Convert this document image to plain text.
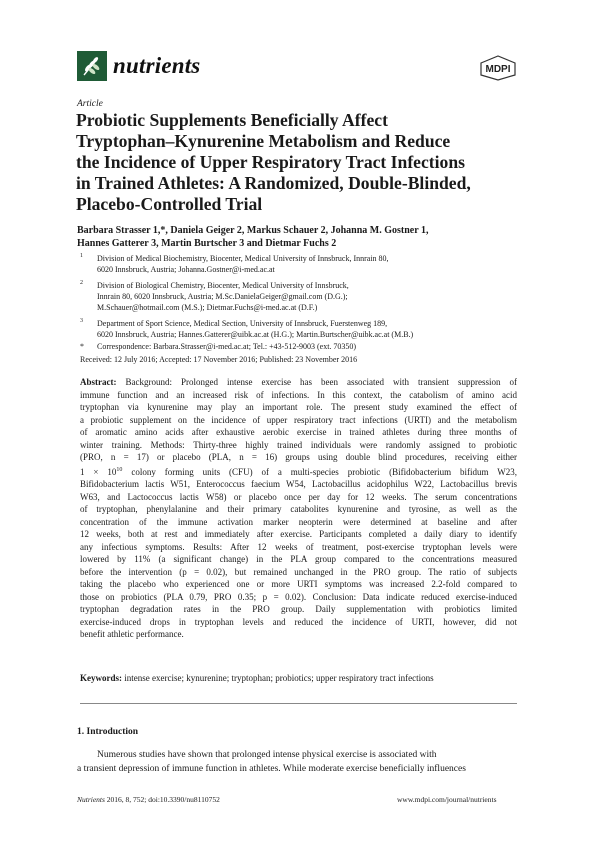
nutrients	MDPI
Article
Probiotic Supplements Beneficially Affect
Tryptophan–Kynurenine Metabolism and Reduce
the Incidence of Upper Respiratory Tract Infections
in Trained Athletes: A Randomized, Double-Blinded,
Placebo-Controlled Trial
Barbara Strasser 1,*, Daniela Geiger 2, Markus Schauer 2, Johanna M. Gostner 1,
Hannes Gatterer 3, Martin Burtscher 3 and Dietmar Fuchs 2
1 Division of Medical Biochemistry, Biocenter, Medical University of Innsbruck, Innrain 80,
6020 Innsbruck, Austria; Johanna.Gostner@i-med.ac.at
2 Division of Biological Chemistry, Biocenter, Medical University of Innsbruck,
Innrain 80, 6020 Innsbruck, Austria; M.Sc.DanielaGeiger@gmail.com (D.G.);
M.Schauer@hotmail.com (M.S.); Dietmar.Fuchs@i-med.ac.at (D.F.)
3 Department of Sport Science, Medical Section, University of Innsbruck, Fuerstenweg 189,
6020 Innsbruck, Austria; Hannes.Gatterer@uibk.ac.at (H.G.); Martin.Burtscher@uibk.ac.at (M.B.)
* Correspondence: Barbara.Strasser@i-med.ac.at; Tel.: +43-512-9003 (ext. 70350)
Received: 12 July 2016; Accepted: 17 November 2016; Published: 23 November 2016
Abstract: Background: Prolonged intense exercise has been associated with transient suppression of
immune function and an increased risk of infections. In this context, the catabolism of amino acid
tryptophan via kynurenine may play an important role. The present study examined the effect of
a probiotic supplement on the incidence of upper respiratory tract infections (URTI) and the metabolism
of aromatic amino acids after exhaustive aerobic exercise in trained athletes during three months of
winter training. Methods: Thirty-three highly trained individuals were randomly assigned to probiotic
(PRO, n = 17) or placebo (PLA, n = 16) groups using double blind procedures, receiving either
$1 \times 10^{10}$ colony forming units (CFU) of a multi-species probiotic (Bifidobacterium bifidum W23,
Bifidobacterium lactis W51, Enterococcus faecium W54, Lactobacillus acidophilus W22, Lactobacillus brevis
W63, and Lactococcus lactis W58) or placebo once per day for 12 weeks. The serum concentrations
of tryptophan, phenylalanine and their primary catabolites kynurenine and tyrosine, as well as the
concentration of the immune activation marker neopterin were determined at baseline and after
12 weeks, both at rest and immediately after exercise. Participants completed a daily diary to identify
any infectious symptoms. Results: After 12 weeks of treatment, post-exercise tryptophan levels were
lowered by 11% (a significant change) in the PLA group compared to the concentrations measured
before the intervention (p = 0.02), but remained unchanged in the PRO group. The ratio of subjects
taking the placebo who experienced one or more URTI symptoms was increased 2.2-fold compared to
those on probiotics (PLA 0.79, PRO 0.35; p = 0.02). Conclusion: Data indicate reduced exercise-induced
tryptophan degradation rates in the PRO group. Daily supplementation with probiotics limited
exercise-induced drops in tryptophan levels and reduced the incidence of URTI, however, did not
benefit athletic performance.
Keywords: intense exercise; kynurenine; tryptophan; probiotics; upper respiratory tract infections
1. Introduction
Numerous studies have shown that prolonged intense physical exercise is associated with
a transient depression of immune function in athletes. While moderate exercise beneficially influences
Nutrients 2016, 8, 752; doi:10.3390/nu8110752	www.mdpi.com/journal/nutrients
